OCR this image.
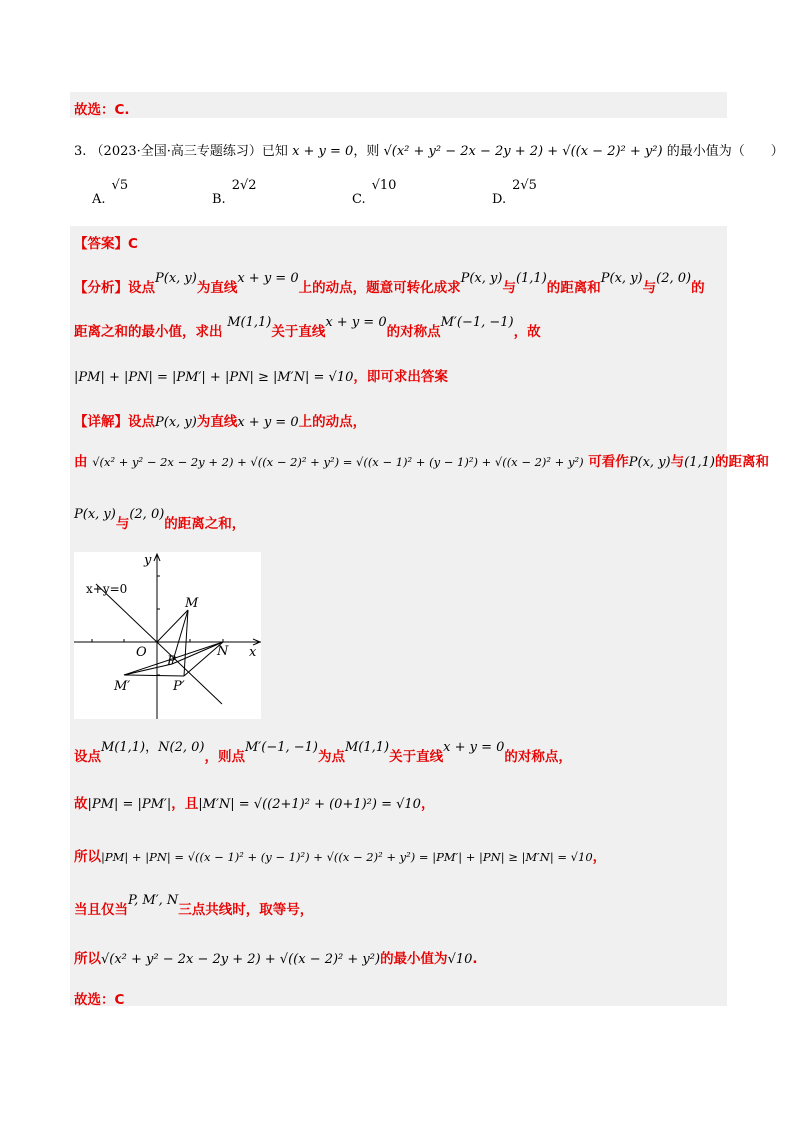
故选：C.
3. （2023·全国·高三专题练习）已知 x + y = 0，则 √(x² + y² − 2x − 2y + 2) + √((x − 2)² + y²) 的最小值为（　　）
A.√5
B.2√2
C.√10
D.2√5
【答案】C
【分析】设点P(x, y)为直线x + y = 0上的动点，题意可转化成求P(x, y)与(1,1)的距离和P(x, y)与(2, 0)的
距离之和的最小值，求出 M(1,1)关于直线x + y = 0的对称点M′(−1, −1)，故
|PM| + |PN| = |PM′| + |PN| ≥ |M′N| = √10，即可求出答案
【详解】设点P(x, y)为直线x + y = 0上的动点，
由 √(x² + y² − 2x − 2y + 2) + √((x − 2)² + y²) = √((x − 1)² + (y − 1)²) + √((x − 2)² + y²) 可看作P(x, y)与(1,1)的距离和
P(x, y)与(2, 0)的距离之和，
x+y=0
y
x
O
M
N
P
M′	P′
设点M(1,1)，N(2, 0)，则点M′(−1, −1)为点M(1,1)关于直线x + y = 0的对称点，
故|PM| = |PM′|，且|M′N| = √((2+1)² + (0+1)²) = √10，
所以|PM| + |PN| = √((x − 1)² + (y − 1)²) + √((x − 2)² + y²) = |PM′| + |PN| ≥ |M′N| = √10，
当且仅当P, M′, N三点共线时，取等号，
所以√(x² + y² − 2x − 2y + 2) + √((x − 2)² + y²)的最小值为√10.
故选：C
